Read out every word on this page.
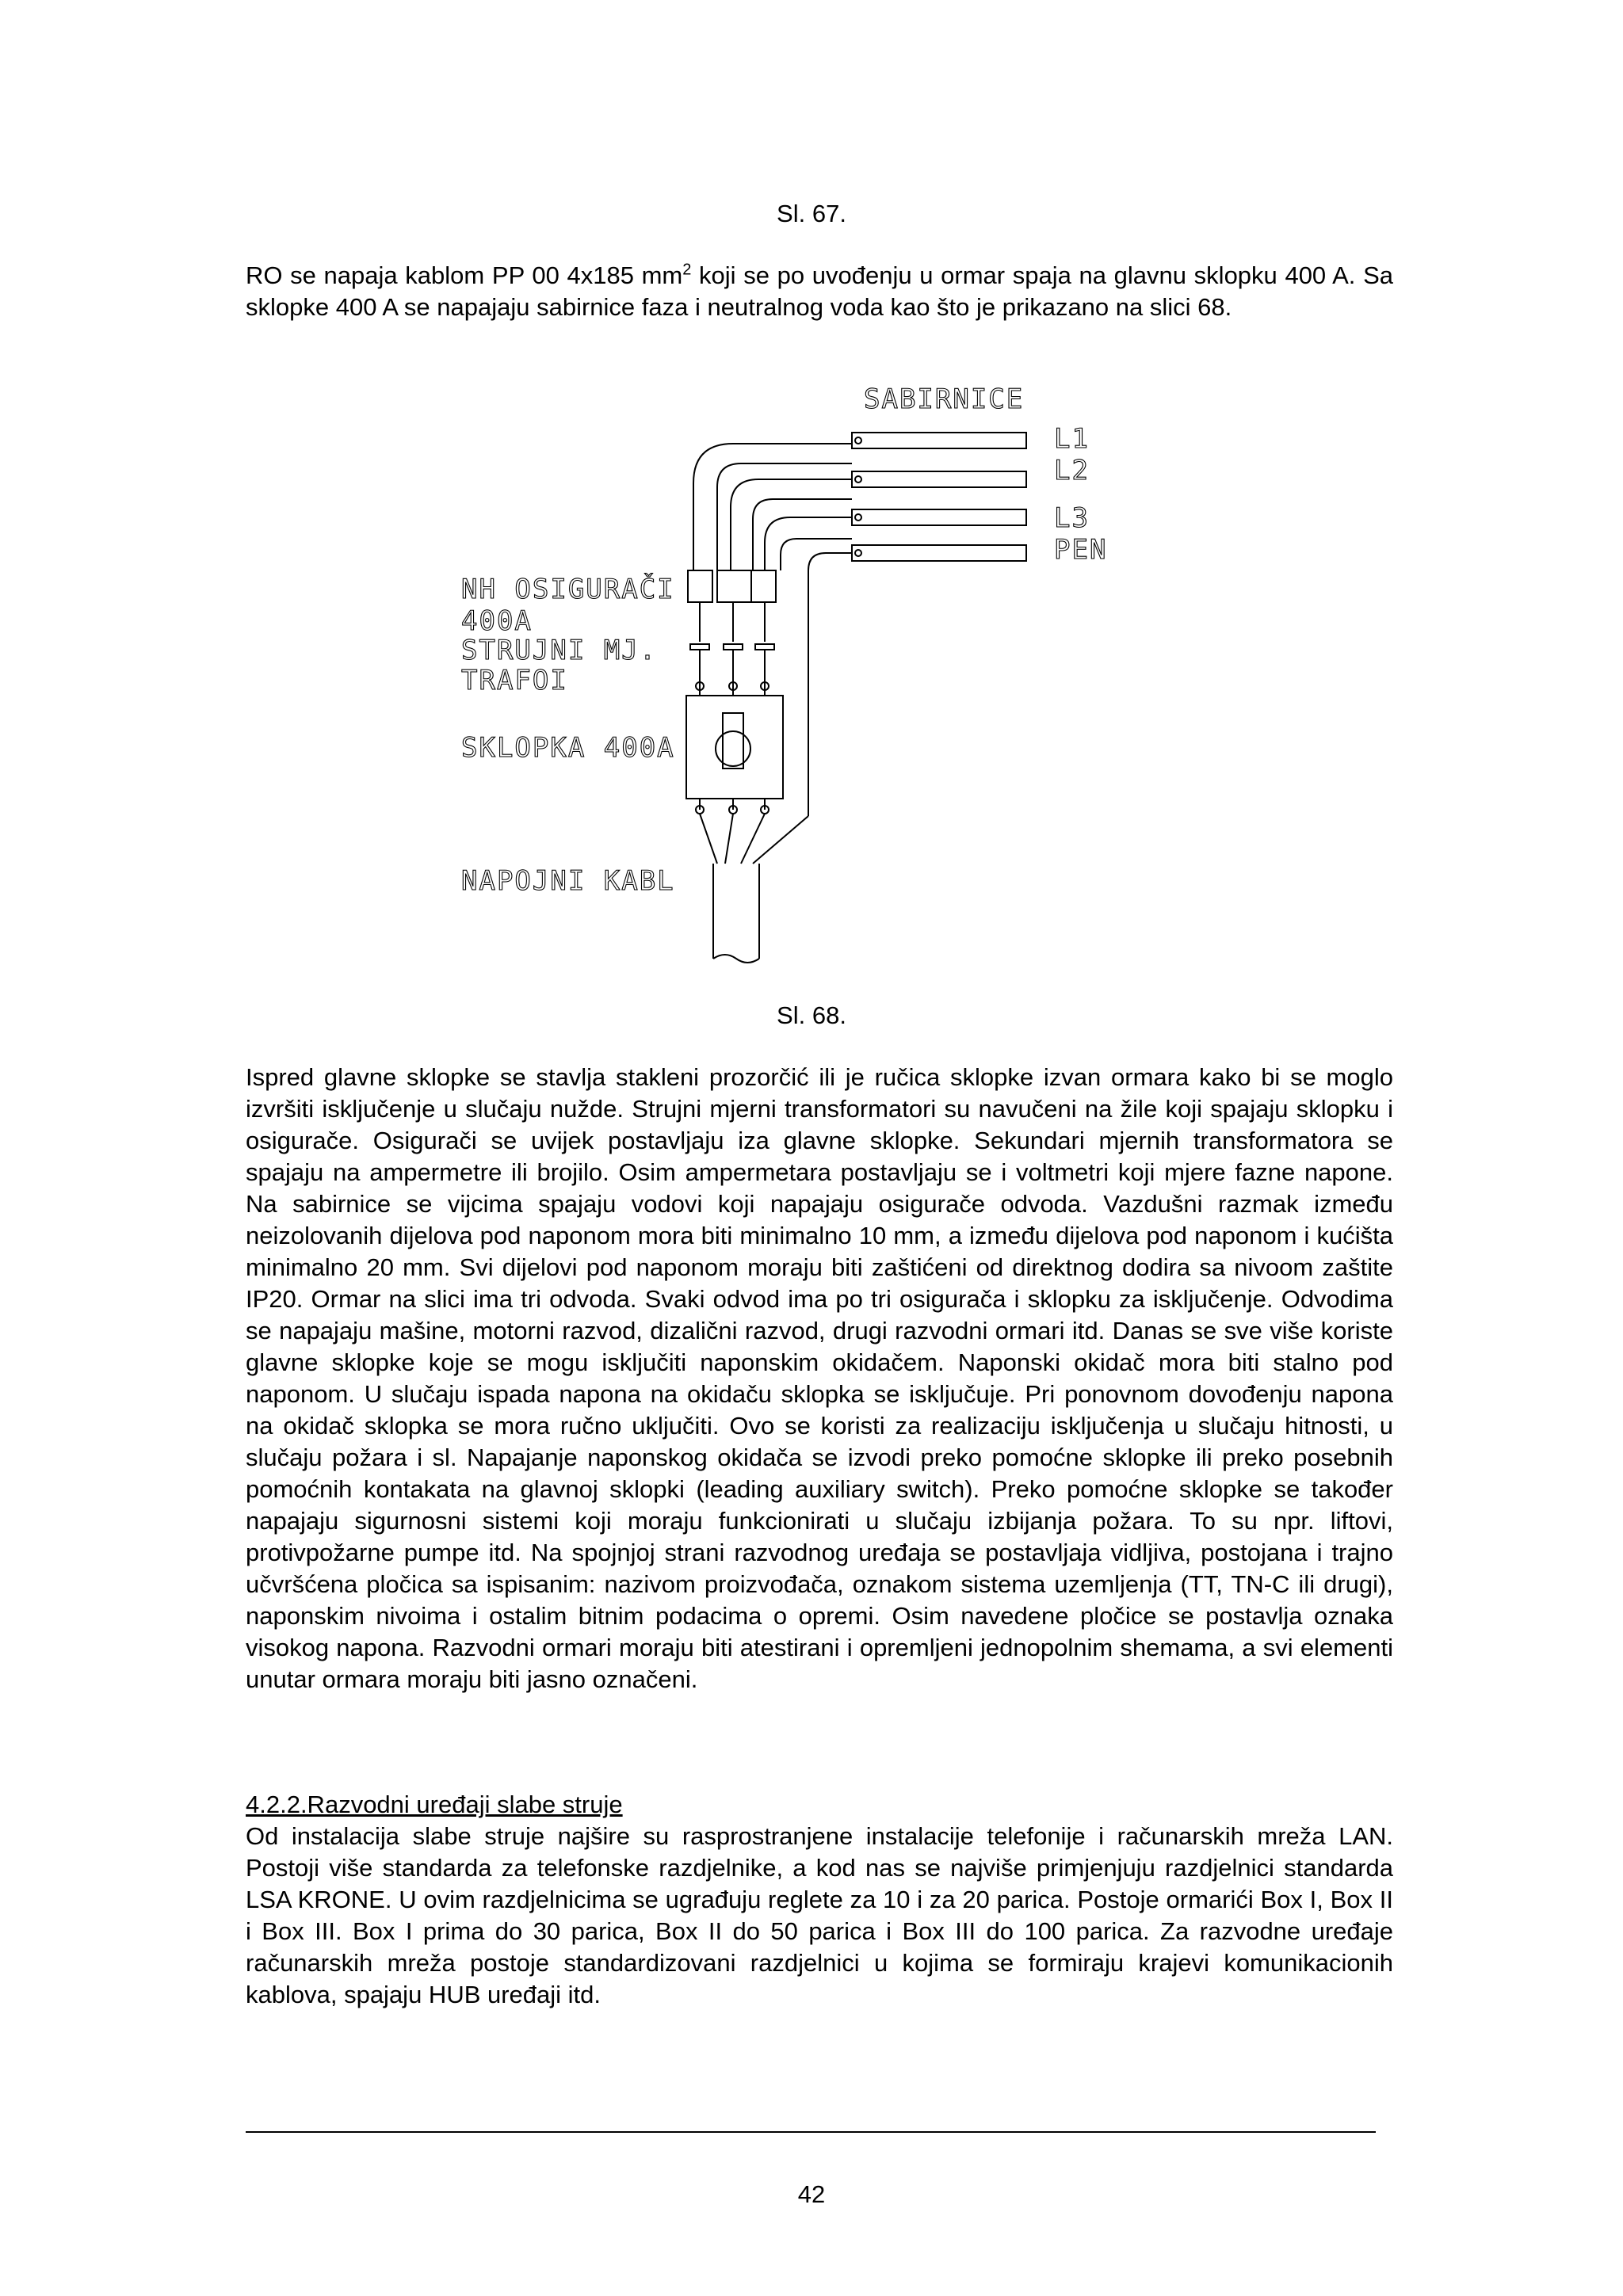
Sl. 67.

RO se napaja kablom PP 00 4x185 $mm^2$ koji se po uvođenju u ormar spaja na glavnu sklopku 400 A. Sa sklopke 400 A se napajaju sabirnice faza i neutralnog voda kao što je prikazano na slici 68.

SABIRNICE
L1
L2
L3
PEN
NH OSIGURAČI
400A
STRUJNI MJ.
TRAFOI
SKLOPKA 400A
NAPOJNI KABL

Sl. 68.

Ispred glavne sklopke se stavlja stakleni prozorčić ili je ručica sklopke izvan ormara kako bi se moglo izvršiti isključenje u slučaju nužde. Strujni mjerni transformatori su navučeni na žile koji spajaju sklopku i osigurače. Osigurači se uvijek postavljaju iza glavne sklopke. Sekundari mjernih transformatora se spajaju na ampermetre ili brojilo. Osim ampermetara postavljaju se i voltmetri koji mjere fazne napone. Na sabirnice se vijcima spajaju vodovi koji napajaju osigurače odvoda. Vazdušni razmak između neizolovanih dijelova pod naponom mora biti minimalno 10 mm, a između dijelova pod naponom i kućišta minimalno 20 mm. Svi dijelovi pod naponom moraju biti zaštićeni od direktnog dodira sa nivoom zaštite IP20. Ormar na slici ima tri odvoda. Svaki odvod ima po tri osigurača i sklopku za isključenje. Odvodima se napajaju mašine, motorni razvod, dizalični razvod, drugi razvodni ormari itd. Danas se sve više koriste glavne sklopke koje se mogu isključiti naponskim okidačem. Naponski okidač mora biti stalno pod naponom. U slučaju ispada napona na okidaču sklopka se isključuje. Pri ponovnom dovođenju napona na okidač sklopka se mora ručno uključiti. Ovo se koristi za realizaciju isključenja u slučaju hitnosti, u slučaju požara i sl. Napajanje naponskog okidača se izvodi preko pomoćne sklopke ili preko posebnih pomoćnih kontakata na glavnoj sklopki (leading auxiliary switch). Preko pomoćne sklopke se također napajaju sigurnosni sistemi koji moraju funkcionirati u slučaju izbijanja požara. To su npr. liftovi, protivpožarne pumpe itd. Na spojnjoj strani razvodnog uređaja se postavljaja vidljiva, postojana i trajno učvršćena pločica sa ispisanim: nazivom proizvođača, oznakom sistema uzemljenja (TT, TN-C ili drugi), naponskim nivoima i ostalim bitnim podacima o opremi. Osim navedene pločice se postavlja oznaka visokog napona. Razvodni ormari moraju biti atestirani i opremljeni jednopolnim shemama, a svi elementi unutar ormara moraju biti jasno označeni.

4.2.2.Razvodni uređaji slabe struje

Od instalacija slabe struje najšire su rasprostranjene instalacije telefonije i računarskih mreža LAN. Postoji više standarda za telefonske razdjelnike, a kod nas se najviše primjenjuju razdjelnici standarda LSA KRONE. U ovim razdjelnicima se ugrađuju reglete za 10 i za 20 parica. Postoje ormarići Box I, Box II i Box III. Box I prima do 30 parica, Box II do 50 parica i Box III do 100 parica. Za razvodne uređaje računarskih mreža postoje standardizovani razdjelnici u kojima se formiraju krajevi komunikacionih kablova, spajaju HUB uređaji itd.

42
